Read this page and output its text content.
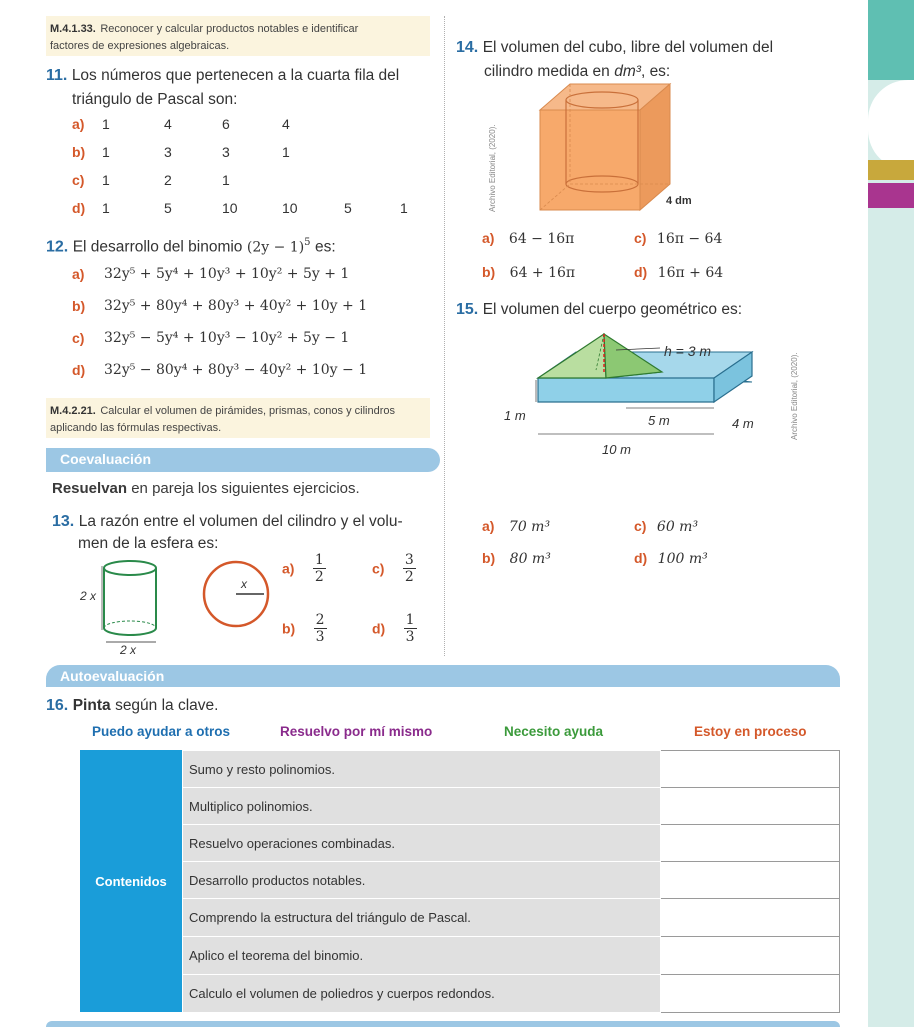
M.4.1.33. Reconocer y calcular productos notables e identificar
factores de expresiones algebraicas.
11. Los números que pertenecen a la cuarta fila del
triángulo de Pascal son:
a) 1	4	6	4
b) 1	3	3	1
c) 1	2	1
d) 1	5	10	10	5	1
12. El desarrollo del binomio $(2y - 1)^5$ es:
a) 32y⁵ + 5y⁴ + 10y³ + 10y² + 5y + 1
b) 32y⁵ + 80y⁴ + 80y³ + 40y² + 10y + 1
c) 32y⁵ − 5y⁴ + 10y³ − 10y² + 5y − 1
d) 32y⁵ − 80y⁴ + 80y³ − 40y² + 10y − 1
M.4.2.21. Calcular el volumen de pirámides, prismas, conos y cilindros
aplicando las fórmulas respectivas.
Coevaluación
Resuelvan en pareja los siguientes ejercicios.
13. La razón entre el volumen del cilindro y el volu-
men de la esfera es:
2 x
2 x
x
$a) \frac{1}{2}$	$c) \frac{3}{2}$
$b) \frac{2}{3}$	$d) \frac{1}{3}$
14. El volumen del cubo, libre del volumen del
cilindro medida en dm³, es:
Archivo Editorial, (2020).	4 dm
a) 64 − 16π	c) 16π − 64
b) 64 + 16π	d) 16π + 64
15. El volumen del cuerpo geométrico es:
h = 3 m
1 m	5 m	4 m
10 m
Archivo Editorial, (2020).
a) 70 m³	c) 60 m³
b) 80 m³	d) 100 m³
Autoevaluación
16. Pinta según la clave.
Puedo ayudar a otros	Resuelvo por mí mismo	Necesito ayuda	Estoy en proceso
Contenidos
Sumo y resto polinomios.	
Multiplico polinomios.	
Resuelvo operaciones combinadas.	
Desarrollo productos notables.	
Comprendo la estructura del triángulo de Pascal.	
Aplico el teorema del binomio.	
Calculo el volumen de poliedros y cuerpos redondos.	
